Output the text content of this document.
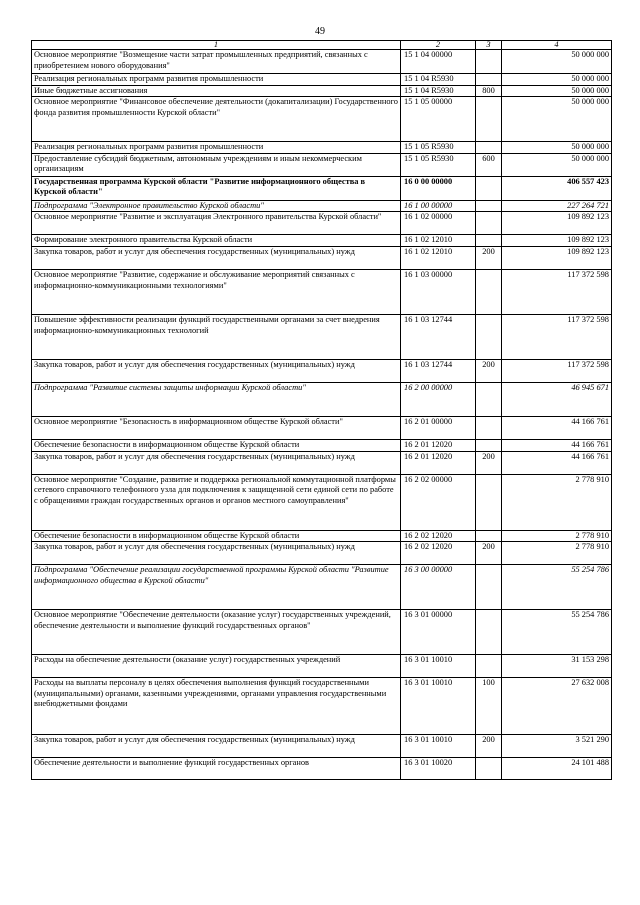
49
1	2	3	4
Основное мероприятие "Возмещение части затрат промышленных предприятий, связанных с приобретением нового оборудования"	15 1 04 00000		50 000 000
Реализация региональных программ развития промышленности	15 1 04 R5930		50 000 000
Иные бюджетные ассигнования	15 1 04 R5930	800	50 000 000
Основное мероприятие "Финансовое обеспечение деятельности (докапитализации) Государственного фонда развития промышленности Курской области"	15 1 05 00000		50 000 000
Реализация региональных программ развития промышленности	15 1 05 R5930		50 000 000
Предоставление субсидий бюджетным, автономным учреждениям и иным некоммерческим организациям	15 1 05 R5930	600	50 000 000
Государственная программа Курской области "Развитие информационного общества в Курской области"	16 0 00 00000		406 557 423
Подпрограмма "Электронное правительство Курской области"	16 1 00 00000		227 264 721
Основное мероприятие "Развитие и эксплуатация Электронного правительства Курской области"	16 1 02 00000		109 892 123
Формирование электронного правительства Курской области	16 1 02 12010		109 892 123
Закупка товаров, работ и услуг для обеспечения государственных (муниципальных) нужд	16 1 02 12010	200	109 892 123
Основное мероприятие "Развитие, содержание и обслуживание мероприятий связанных с информационно-коммуникационными технологиями"	16 1 03 00000		117 372 598
Повышение эффективности реализации функций государственными органами за счет внедрения информационно-коммуникационных технологий	16 1 03 12744		117 372 598
Закупка товаров, работ и услуг для обеспечения государственных (муниципальных) нужд	16 1 03 12744	200	117 372 598
Подпрограмма "Развитие системы защиты информации Курской области"	16 2 00 00000		46 945 671
Основное мероприятие "Безопасность в информационном обществе Курской области"	16 2 01 00000		44 166 761
Обеспечение безопасности в информационном обществе Курской области	16 2 01 12020		44 166 761
Закупка товаров, работ и услуг для обеспечения государственных (муниципальных) нужд	16 2 01 12020	200	44 166 761
Основное мероприятие "Создание, развитие и поддержка региональной коммутационной платформы сетевого справочного телефонного узла для подключения к защищенной сети единой сети по работе с обращениями граждан государственных органов и органов местного самоуправления"	16 2 02 00000		2 778 910
Обеспечение безопасности в информационном обществе Курской области	16 2 02 12020		2 778 910
Закупка товаров, работ и услуг для обеспечения государственных (муниципальных) нужд	16 2 02 12020	200	2 778 910
Подпрограмма "Обеспечение реализации государственной программы Курской области "Развитие информационного общества в Курской области"	16 3 00 00000		55 254 786
Основное мероприятие "Обеспечение деятельности (оказание услуг) государственных учреждений, обеспечение деятельности и выполнение функций государственных органов"	16 3 01 00000		55 254 786
Расходы на обеспечение деятельности (оказание услуг) государственных учреждений	16 3 01 10010		31 153 298
Расходы на выплаты персоналу в целях обеспечения выполнения функций государственными (муниципальными) органами, казенными учреждениями, органами управления государственными внебюджетными фондами	16 3 01 10010	100	27 632 008
Закупка товаров, работ и услуг для обеспечения государственных (муниципальных) нужд	16 3 01 10010	200	3 521 290
Обеспечение деятельности и выполнение функций государственных органов	16 3 01 10020		24 101 488
